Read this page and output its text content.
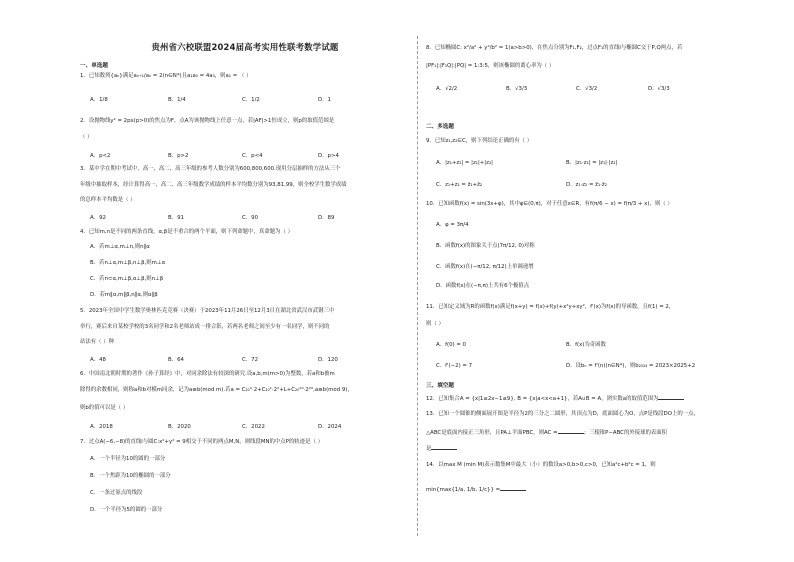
贵州省六校联盟2024届高考实用性联考数学试题
一、单选题
1．已知数列{aₙ}满足aₙ₊₁/aₙ = 2(n∈N*)且a₁a₅ = 4a₃，则a₁ = （ ）
A．1/8	B．1/4	C．1/2	D．1
2．设抛物线y² = 2px(p>0)的焦点为F，点A为该抛物线上任意一点，若|AF|>1恒成立，则p的取值范围是
（ ）
A．p<2	B．p>2	C．p<4	D．p>4
3．某中学在期中考试中，高一、高二、高三年级的参考人数分别为600,800,600.现用分层抽样的方法从三个
年级中抽取样本，经计算得高一、高二、高三年级数学成绩的样本平均数分别为93,81,99，则全校学生数学成绩
的总样本平均数是（ ）
A．92	B．91	C．90	D．89
4．已知m,n是不同的两条直线，α,β是不重合的两个平面，则下列命题中，真命题为（ ）
A．若m⊥α,m⊥n,则n∥α
B．若n⊥α,m⊥β,n⊥β,则m⊥α
C．若n⊂α,m⊥β,α⊥β,则n⊥β
D．若m∥α,m∥β,n∥α,则α∥β
5．2023年全国中学生数学奥林匹克竞赛（决赛）于2023年11月26日至12月3日在湖北省武汉市武钢三中
举行，赛后来自某校学校的3名同学和2名老师站成一排合影，若两名老师之间至少有一名同学，则不同的
站法有（ ）种
A．48	B．64	C．72	D．120
6．中国南北朝时期的著作《孙子算经》中，对同余除法有较深的研究.设a,b,m(m>0)为整数，若a和b被m
除得的余数相同，则称a和b对模m同余，记为a≡b(mod m).若a = C₂₀⁰·2+C₂₀¹·2²+L+C₂₀²⁰·2²⁰,a≡b(mod 9)，
则b的值可以是（ ）
A．2018	B．2020	C．2022	D．2024
7．过点A(−6,−8)的直线l与圆C:x²+y² = 9相交于不同的两点M,N，则线段MN的中点P的轨迹是（ ）
A．一个半径为10的圆的一部分
B．一个焦距为10的椭圆的一部分
C．一条过原点的线段
D．一个半径为5的圆的一部分
8．已知椭圆C: x²/a² + y²/b² = 1(a>b>0)，在焦点分别为F₁,F₂，过点F₁的直线l与椭圆C交于P,Q两点，若
|PF₁|:|F₁Q|:|PQ| = 1:3:5，则该椭圆的离心率为（ ）
A．√2/2	B．√3/3	C．√3/2	D．√3/3
二、多选题
9．已知z₁,z₂∈C，则下列结论正确的有（ ）
A．|z₁+z₂| = |z₁|+|z₂|	B．|z₁·z₂| = |z₁|·|z₂|
C．z₁+z₂ = z̄₁+z̄₂	D．z₁·z₂ = z̄₁·z̄₂
10．已知函数f(x) = sin(3x+φ)，其中φ∈(0,π)，对于任意x∈R，有f(π/6 − x) = f(π/3 + x)，则（ ）
A．φ = 3π/4
B．函数f(x)的图象关于点(7π/12, 0)对称
C．函数f(x)在(−π/12, π/12)上单调递增
D．函数f(x)在(−π,π)上共有6个极值点
11．已知定义域为R的函数f(x)满足f(x+y) = f(x)+f(y)+x²y+xy²，f'(x)为f(x)的导函数，且f(1) = 2，
则（ ）
A．f(0) = 0	B．f(x)为奇函数
C．f'(−2) = 7	D．设bₙ = f'(n)(n∈N*)，则b₂₀₂₄ = 2023×2025+2
三、填空题
12．已知集合A = {x|1≤2x−1≤9}, B = {x|a<x<a+1}，若A∪B = A，则实数a的取值范围为
13．已知一个圆锥的侧面展开图是半径为2的三分之二圆形，其顶点为D，底面圆心为O，点P是线段DO上的一点，
△ABC是底面内接正三角形，且PA⊥平面PBC，则AC =	；三棱锥P−ABC的外接球的表面积
是
14．以max M (min M)表示数集M中最大（小）的数设a>0,b>0,c>0，已知a²c+b²c = 1，则
min{max{1/a, 1/b, 1/c}} =
